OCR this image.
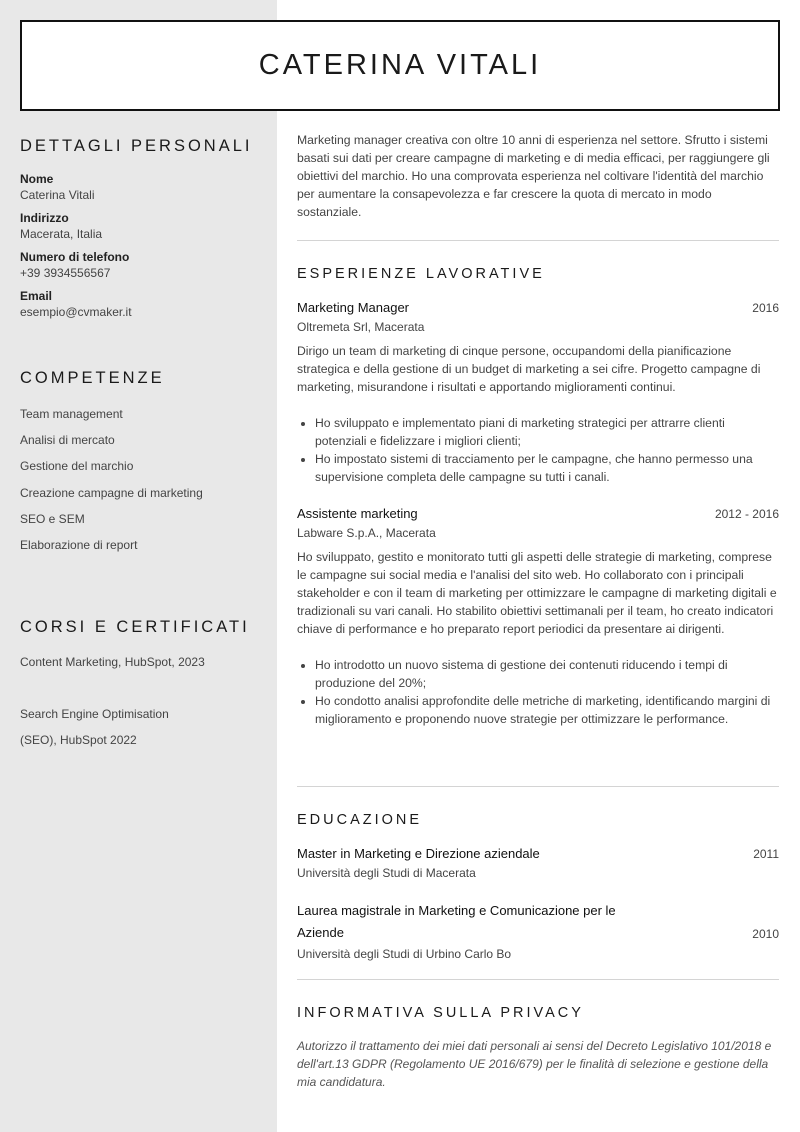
CATERINA VITALI
DETTAGLI PERSONALI
Nome
Caterina Vitali
Indirizzo
Macerata, Italia
Numero di telefono
+39 3934556567
Email
esempio@cvmaker.it
COMPETENZE
Team management
Analisi di mercato
Gestione del marchio
Creazione campagne di marketing
SEO e SEM
Elaborazione di report
CORSI E CERTIFICATI
Content Marketing, HubSpot, 2023
Search Engine Optimisation (SEO), HubSpot 2022

Marketing manager creativa con oltre 10 anni di esperienza nel settore. Sfrutto i sistemi basati sui dati per creare campagne di marketing e di media efficaci, per raggiungere gli obiettivi del marchio. Ho una comprovata esperienza nel coltivare l'identità del marchio per aumentare la consapevolezza e far crescere la quota di mercato in modo sostanziale.

ESPERIENZE LAVORATIVE
Marketing Manager	2016
Oltremeta Srl, Macerata

Dirigo un team di marketing di cinque persone, occupandomi della pianificazione strategica e della gestione di un budget di marketing a sei cifre. Progetto campagne di marketing, misurandone i risultati e apportando miglioramenti continui.

• Ho sviluppato e implementato piani di marketing strategici per attrarre clienti potenziali e fidelizzare i migliori clienti;
• Ho impostato sistemi di tracciamento per le campagne, che hanno permesso una supervisione completa delle campagne su tutti i canali.
Assistente marketing	2012 - 2016
Labware S.p.A., Macerata

Ho sviluppato, gestito e monitorato tutti gli aspetti delle strategie di marketing, comprese le campagne sui social media e l'analisi del sito web. Ho collaborato con i principali stakeholder e con il team di marketing per ottimizzare le campagne di marketing digitali e tradizionali su vari canali. Ho stabilito obiettivi settimanali per il team, ho creato indicatori chiave di performance e ho preparato report periodici da presentare ai dirigenti.

• Ho introdotto un nuovo sistema di gestione dei contenuti riducendo i tempi di produzione del 20%;
• Ho condotto analisi approfondite delle metriche di marketing, identificando margini di miglioramento e proponendo nuove strategie per ottimizzare le performance.
EDUCAZIONE
Master in Marketing e Direzione aziendale	2011
Università degli Studi di Macerata
Laurea magistrale in Marketing e Comunicazione per le Aziende	2010
Università degli Studi di Urbino Carlo Bo
INFORMATIVA SULLA PRIVACY
Autorizzo il trattamento dei miei dati personali ai sensi del Decreto Legislativo 101/2018 e dell'art.13 GDPR (Regolamento UE 2016/679) per le finalità di selezione e gestione della mia candidatura.
